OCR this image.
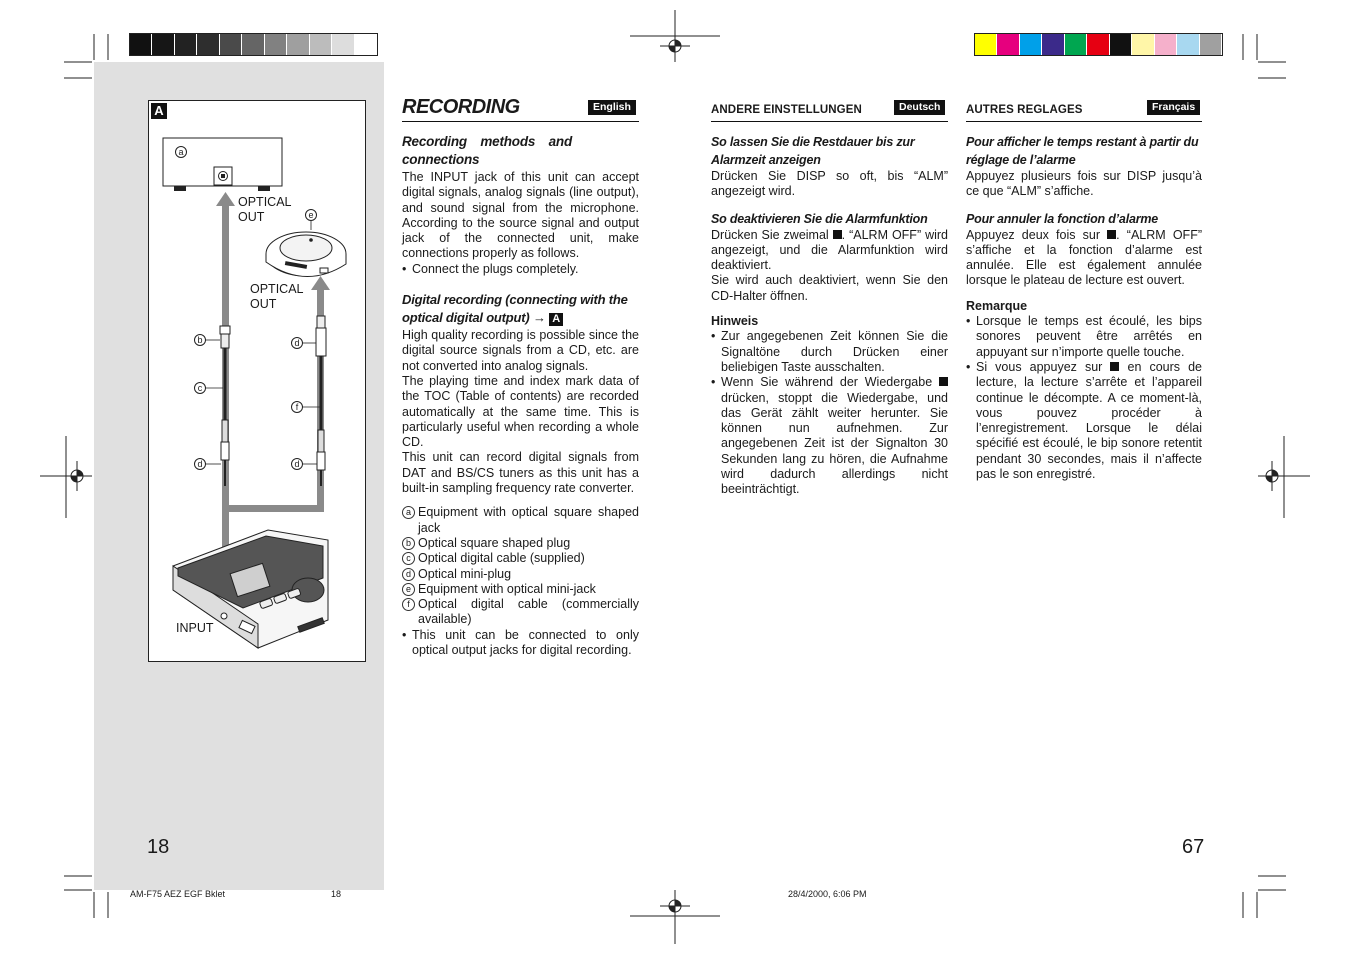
A
a
e
b
c
d
d
f
d
OPTICAL
OUT
OPTICAL
OUT
INPUT
RECORDING	English
Recording methods and connections

The INPUT jack of this unit can accept digital signals, analog signals (line output), and sound signal from the microphone. According to the source signal and output jack of the connected unit, make connections properly as follows.

• Connect the plugs completely.
Digital recording (connecting with the optical digital output) → A

High quality recording is possible since the digital source signals from a CD, etc. are not converted into analog signals.

The playing time and index mark data of the TOC (Table of contents) are recorded automatically at the same time. This is particularly useful when recording a whole CD.

This unit can record digital signals from DAT and BS/CS tuners as this unit has a built-in sampling frequency rate converter.

a Equipment with optical square shaped jack
b Optical square shaped plug
c Optical digital cable (supplied)
d Optical mini-plug
e Equipment with optical mini-jack
f Optical digital cable (commercially available)
• This unit can be connected to only optical output jacks for digital recording.
ANDERE EINSTELLUNGEN	Deutsch
So lassen Sie die Restdauer bis zur Alarmzeit anzeigen

Drücken Sie DISP so oft, bis “ALM” angezeigt wird.

So deaktivieren Sie die Alarmfunktion

Drücken Sie zweimal . “ALRM OFF” wird angezeigt, und die Alarmfunktion wird deaktiviert.

Sie wird auch deaktiviert, wenn Sie den CD-Halter öffnen.

Hinweis
• Zur angegebenen Zeit können Sie die Signaltöne durch Drücken einer beliebigen Taste ausschalten.
• Wenn Sie während der Wiedergabe  drücken, stoppt die Wiedergabe, und das Gerät zählt weiter herunter. Sie können nun aufnehmen. Zur angegebenen Zeit ist der Signalton 30 Sekunden lang zu hören, die Aufnahme wird dadurch allerdings nicht beeinträchtigt.
AUTRES REGLAGES	Français
Pour afficher le temps restant à partir du réglage de l’alarme

Appuyez plusieurs fois sur DISP jusqu’à ce que “ALM” s’affiche.

Pour annuler la fonction d’alarme

Appuyez deux fois sur . “ALRM OFF” s’affiche et la fonction d’alarme est annulée. Elle est également annulée lorsque le plateau de lecture est ouvert.

Remarque
• Lorsque le temps est écoulé, les bips sonores peuvent être arrêtés en appuyant sur n’importe quelle touche.
• Si vous appuyez sur en cours de lecture, la lecture s’arrête et l’appareil continue le décompte. A ce moment-là, vous pouvez procéder à l’enregistrement. Lorsque le délai spécifié est écoulé, le bip sonore retentit pendant 30 secondes, mais il n’affecte pas le son enregistré.
18	67
AM-F75 AEZ EGF Bklet	18	28/4/2000, 6:06 PM
